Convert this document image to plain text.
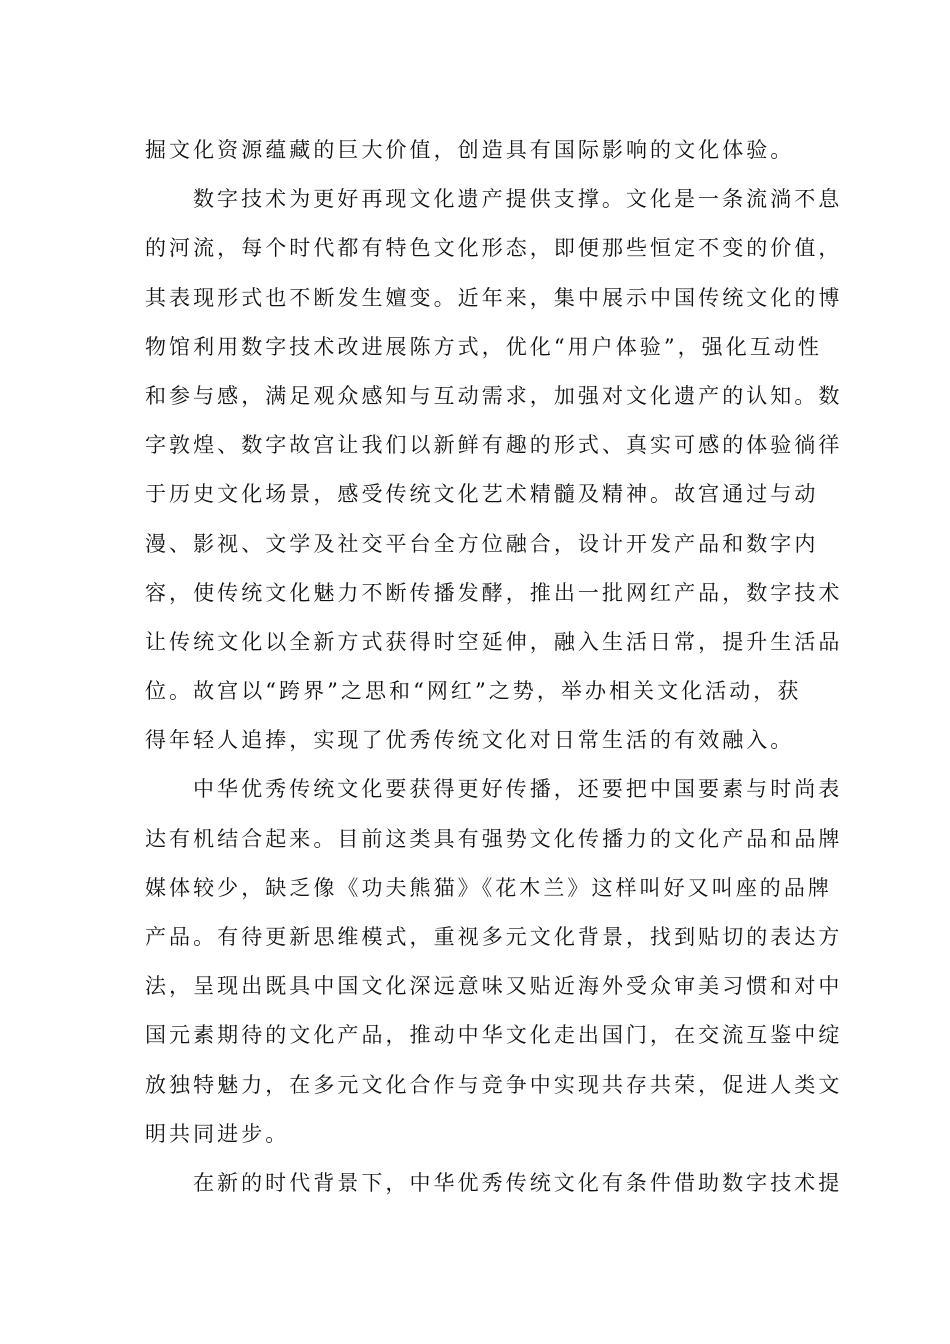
掘文化资源蕴藏的巨大价值，创造具有国际影响的文化体验。
数字技术为更好再现文化遗产提供支撑。文化是一条流淌不息
的河流，每个时代都有特色文化形态，即便那些恒定不变的价值，
其表现形式也不断发生嬗变。近年来，集中展示中国传统文化的博
物馆利用数字技术改进展陈方式，优化“用户体验”，强化互动性
和参与感，满足观众感知与互动需求，加强对文化遗产的认知。数
字敦煌、数字故宫让我们以新鲜有趣的形式、真实可感的体验徜徉
于历史文化场景，感受传统文化艺术精髓及精神。故宫通过与动
漫、影视、文学及社交平台全方位融合，设计开发产品和数字内
容，使传统文化魅力不断传播发酵，推出一批网红产品，数字技术
让传统文化以全新方式获得时空延伸，融入生活日常，提升生活品
位。故宫以“跨界”之思和“网红”之势，举办相关文化活动，获
得年轻人追捧，实现了优秀传统文化对日常生活的有效融入。
中华优秀传统文化要获得更好传播，还要把中国要素与时尚表
达有机结合起来。目前这类具有强势文化传播力的文化产品和品牌
媒体较少，缺乏像《功夫熊猫》《花木兰》这样叫好又叫座的品牌
产品。有待更新思维模式，重视多元文化背景，找到贴切的表达方
法，呈现出既具中国文化深远意味又贴近海外受众审美习惯和对中
国元素期待的文化产品，推动中华文化走出国门，在交流互鉴中绽
放独特魅力，在多元文化合作与竞争中实现共存共荣，促进人类文
明共同进步。
在新的时代背景下，中华优秀传统文化有条件借助数字技术提
